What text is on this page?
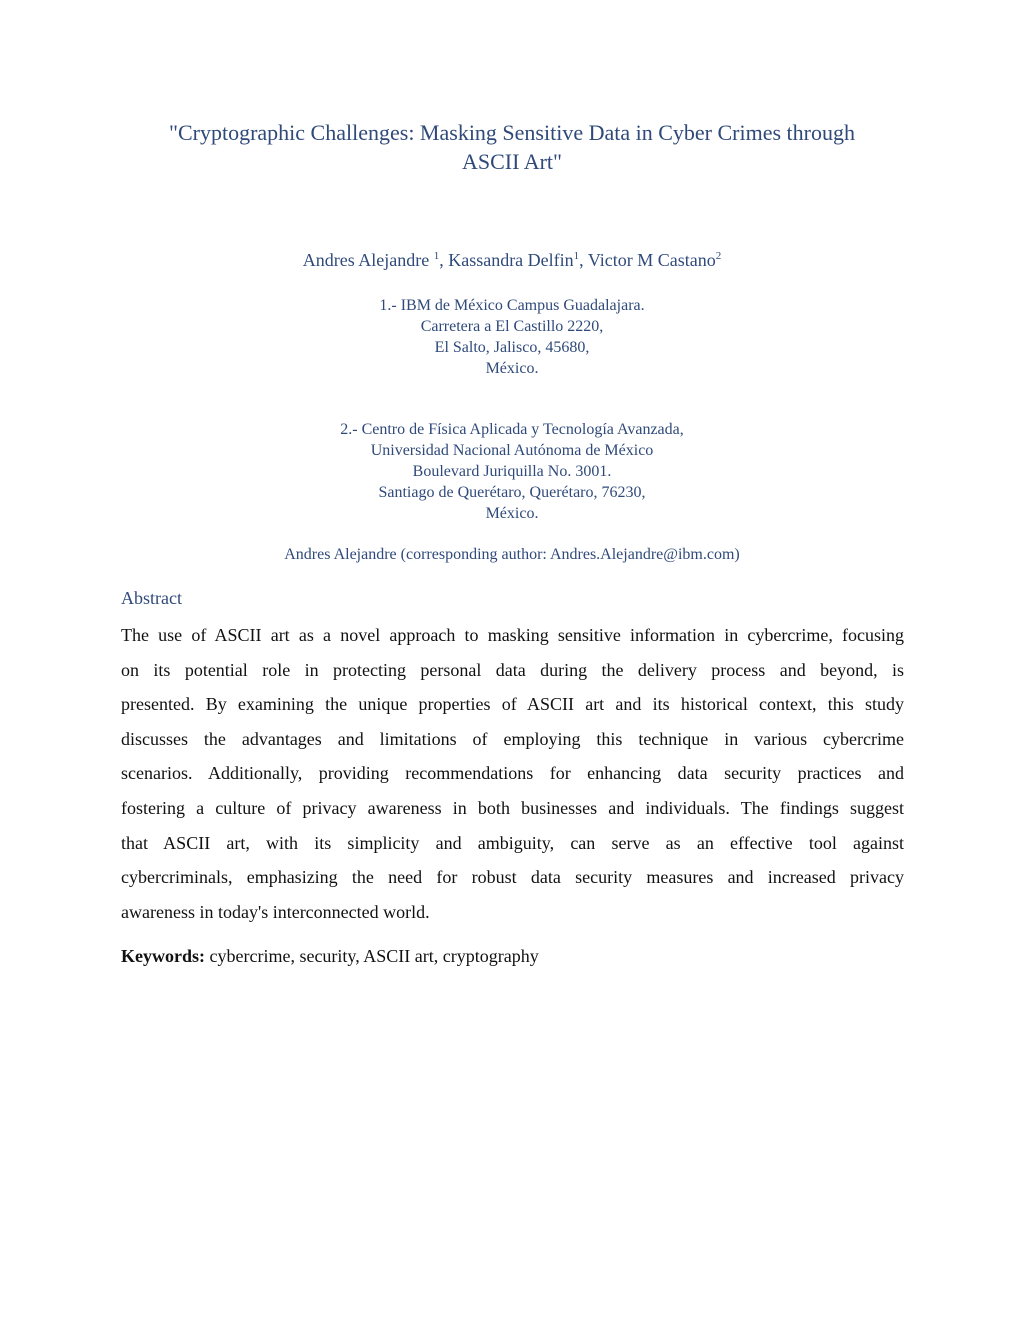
"Cryptographic Challenges: Masking Sensitive Data in Cyber Crimes through
ASCII Art"
Andres Alejandre $^1$, Kassandra Delfin$^1$, Victor M Castano$^2$
1.- IBM de México Campus Guadalajara.
Carretera a El Castillo 2220,
El Salto, Jalisco, 45680,
México.
2.- Centro de Física Aplicada y Tecnología Avanzada,
Universidad Nacional Autónoma de México
Boulevard Juriquilla No. 3001.
Santiago de Querétaro, Querétaro, 76230,
México.
Andres Alejandre (corresponding author: Andres.Alejandre@ibm.com)
Abstract
The use of ASCII art as a novel approach to masking sensitive information in cybercrime, focusing
on its potential role in protecting personal data during the delivery process and beyond, is
presented. By examining the unique properties of ASCII art and its historical context, this study
discusses the advantages and limitations of employing this technique in various cybercrime
scenarios. Additionally, providing recommendations for enhancing data security practices and
fostering a culture of privacy awareness in both businesses and individuals. The findings suggest
that ASCII art, with its simplicity and ambiguity, can serve as an effective tool against
cybercriminals, emphasizing the need for robust data security measures and increased privacy
awareness in today's interconnected world.
Keywords: cybercrime, security, ASCII art, cryptography
